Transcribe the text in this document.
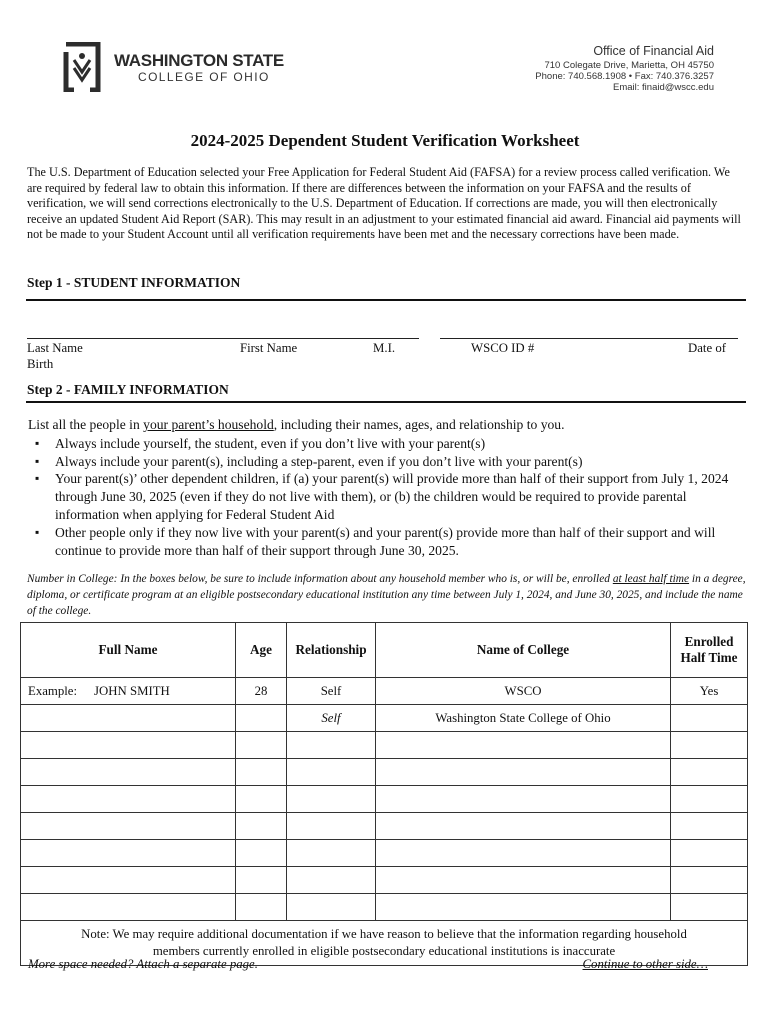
WASHINGTON STATE
COLLEGE OF OHIO
Office of Financial Aid
710 Colegate Drive, Marietta, OH 45750
Phone: 740.568.1908 • Fax: 740.376.3257
Email: finaid@wscc.edu
2024-2025 Dependent Student Verification Worksheet
The U.S. Department of Education selected your Free Application for Federal Student Aid (FAFSA) for a review process called verification. We are required by federal law to obtain this information. If there are differences between the information on your FAFSA and the results of verification, we will send corrections electronically to the U.S. Department of Education. If corrections are made, you will then electronically receive an updated Student Aid Report (SAR). This may result in an adjustment to your estimated financial aid award. Financial aid payments will not be made to your Student Account until all verification requirements have been met and the necessary corrections have been made.
Step 1 - STUDENT INFORMATION
Last Name	First Name	M.I.	WSCO ID #	Date of
Birth
Step 2 - FAMILY INFORMATION
List all the people in your parent’s household, including their names, ages, and relationship to you.
▪ Always include yourself, the student, even if you don’t live with your parent(s)
▪ Always include your parent(s), including a step-parent, even if you don’t live with your parent(s)
▪ Your parent(s)’ other dependent children, if (a) your parent(s) will provide more than half of their support from July 1, 2024 through June 30, 2025 (even if they do not live with them), or (b) the children would be required to provide parental information when applying for Federal Student Aid
▪ Other people only if they now live with your parent(s) and your parent(s) provide more than half of their support and will continue to provide more than half of their support through June 30, 2025.
Number in College: In the boxes below, be sure to include information about any household member who is, or will be, enrolled at least half time in a degree, diploma, or certificate program at an eligible postsecondary educational institution any time between July 1, 2024, and June 30, 2025, and include the name of the college.
Full Name	Age	Relationship	Name of College	Enrolled Half Time
Example: JOHN SMITH	28	Self	WSCO	Yes
		Self	Washington State College of Ohio	

Note: We may require additional documentation if we have reason to believe that the information regarding household members currently enrolled in eligible postsecondary educational institutions is inaccurate				
More space needed? Attach a separate page.	Continue to other side…
